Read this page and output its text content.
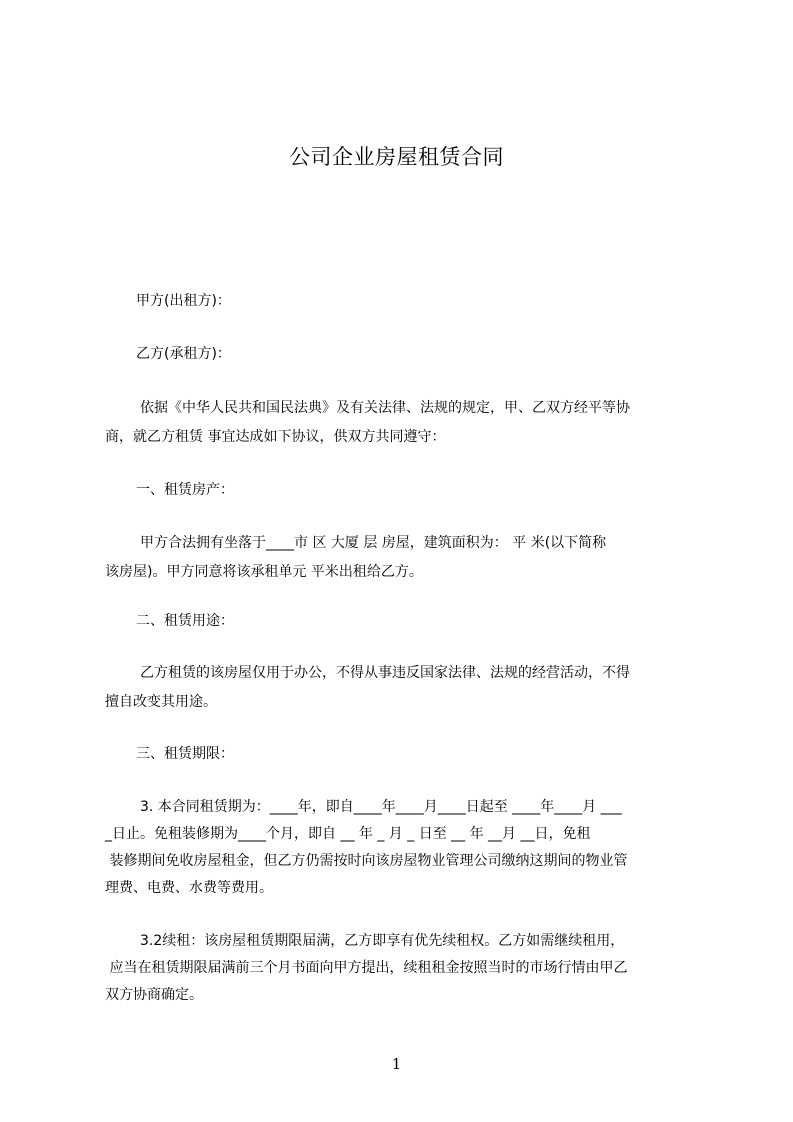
公司企业房屋租赁合同
甲方(出租方)：
乙方(承租方)：
依据《中华人民共和国民法典》及有关法律、法规的规定，甲、乙双方经平等协
商，就乙方租赁 事宜达成如下协议，供双方共同遵守：
一、租赁房产：
甲方合法拥有坐落于____市 区 大厦 层 房屋，建筑面积为： 平 米(以下简称
该房屋)。甲方同意将该承租单元 平米出租给乙方。
二、租赁用途：
乙方租赁的该房屋仅用于办公，不得从事违反国家法律、法规的经营活动，不得
擅自改变其用途。
三、租赁期限：
3. 本合同租赁期为：____年，即自____年____月____日起至 ____年____月 ___
_日止。免租装修期为____个月，即自 __ 年 _ 月 _ 日至 __ 年 __月 __日，免租
装修期间免收房屋租金，但乙方仍需按时向该房屋物业管理公司缴纳这期间的物业管
理费、电费、水费等费用。
3.2续租：该房屋租赁期限届满，乙方即享有优先续租权。乙方如需继续租用，
应当在租赁期限届满前三个月书面向甲方提出，续租租金按照当时的市场行情由甲乙
双方协商确定。
1
